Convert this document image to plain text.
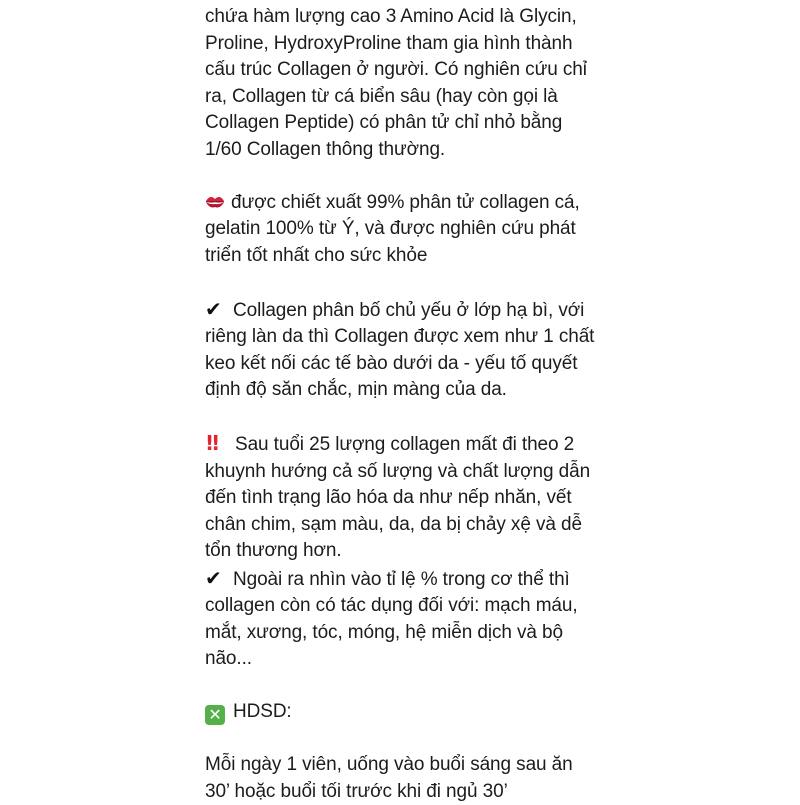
chứa hàm lượng cao 3 Amino Acid là Glycin,
Proline, HydroxyProline tham gia hình thành
cấu trúc Collagen ở người. Có nghiên cứu chỉ
ra, Collagen từ cá biển sâu (hay còn gọi là
Collagen Peptide) có phân tử chỉ nhỏ bằng
1/60 Collagen thông thường.

được chiết xuất 99% phân tử collagen cá,
gelatin 100% từ Ý, và được nghiên cứu phát
triển tốt nhất cho sức khỏe

✔ Collagen phân bố chủ yếu ở lớp hạ bì, với
riêng làn da thì Collagen được xem như 1 chất
keo kết nối các tế bào dưới da - yếu tố quyết
định độ săn chắc, mịn màng của da.

!! Sau tuổi 25 lượng collagen mất đi theo 2
khuynh hướng cả số lượng và chất lượng dẫn
đến tình trạng lão hóa da như nếp nhăn, vết
chân chim, sạm màu, da, da bị chảy xệ và dễ
tổn thương hơn.

✔ Ngoài ra nhìn vào tỉ lệ % trong cơ thể thì
collagen còn có tác dụng đối với: mạch máu,
mắt, xương, tóc, móng, hệ miễn dịch và bộ
não...

✕ HDSD:

Mỗi ngày 1 viên, uống vào buổi sáng sau ăn
30’ hoặc buổi tối trước khi đi ngủ 30’
